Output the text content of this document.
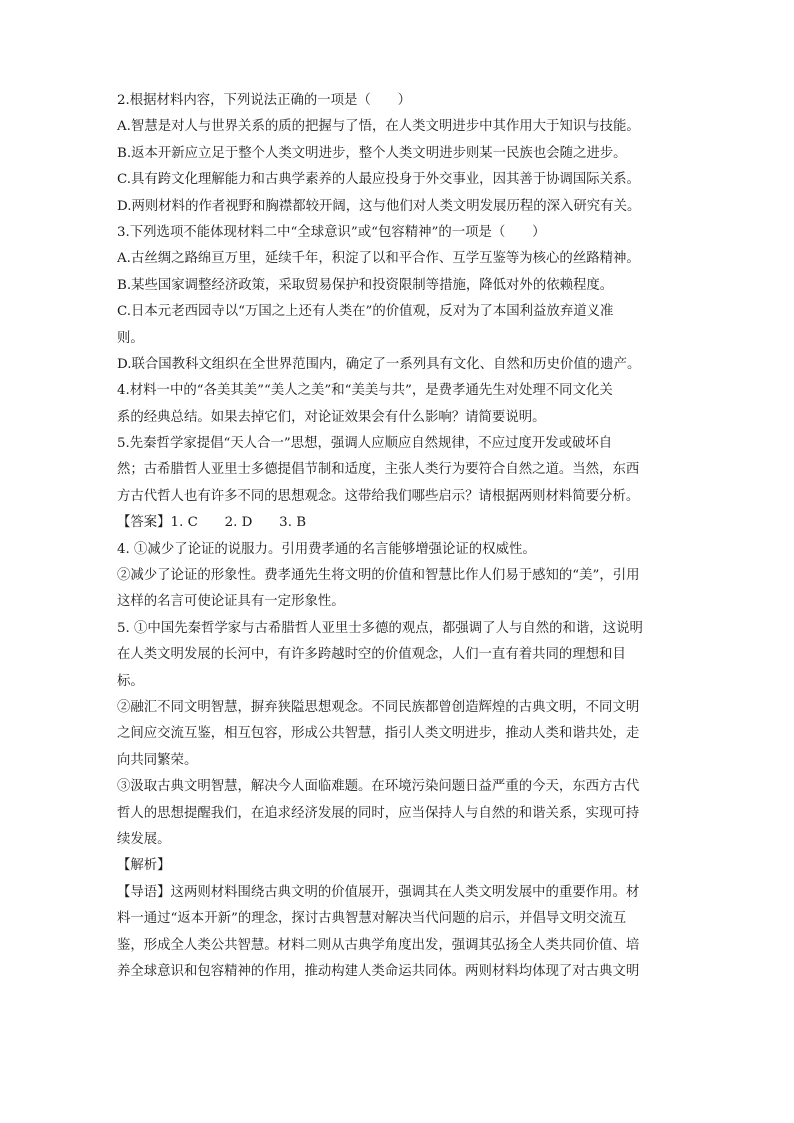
2.根据材料内容，下列说法正确的一项是（　　）
A.智慧是对人与世界关系的质的把握与了悟，在人类文明进步中其作用大于知识与技能。
B.返本开新应立足于整个人类文明进步，整个人类文明进步则某一民族也会随之进步。
C.具有跨文化理解能力和古典学素养的人最应投身于外交事业，因其善于协调国际关系。
D.两则材料的作者视野和胸襟都较开阔，这与他们对人类文明发展历程的深入研究有关。
3.下列选项不能体现材料二中“全球意识”或“包容精神”的一项是（　　）
A.古丝绸之路绵亘万里，延续千年，积淀了以和平合作、互学互鉴等为核心的丝路精神。
B.某些国家调整经济政策，采取贸易保护和投资限制等措施，降低对外的依赖程度。
C.日本元老西园寺以“万国之上还有人类在”的价值观，反对为了本国利益放弃道义准
则。
D.联合国教科文组织在全世界范围内，确定了一系列具有文化、自然和历史价值的遗产。
4.材料一中的“各美其美”“美人之美”和“美美与共”，是费孝通先生对处理不同文化关
系的经典总结。如果去掉它们，对论证效果会有什么影响？请简要说明。
5.先秦哲学家提倡“天人合一”思想，强调人应顺应自然规律，不应过度开发或破坏自
然；古希腊哲人亚里士多德提倡节制和适度，主张人类行为要符合自然之道。当然，东西
方古代哲人也有许多不同的思想观念。这带给我们哪些启示？请根据两则材料简要分析。
【答案】1. C　　2. D　　3. B
4. ①减少了论证的说服力。引用费孝通的名言能够增强论证的权威性。
②减少了论证的形象性。费孝通先生将文明的价值和智慧比作人们易于感知的“美”，引用
这样的名言可使论证具有一定形象性。
5. ①中国先秦哲学家与古希腊哲人亚里士多德的观点，都强调了人与自然的和谐，这说明
在人类文明发展的长河中，有许多跨越时空的价值观念，人们一直有着共同的理想和目
标。
②融汇不同文明智慧，摒弃狭隘思想观念。不同民族都曾创造辉煌的古典文明，不同文明
之间应交流互鉴，相互包容，形成公共智慧，指引人类文明进步，推动人类和谐共处，走
向共同繁荣。
③汲取古典文明智慧，解决今人面临难题。在环境污染问题日益严重的今天，东西方古代
哲人的思想提醒我们，在追求经济发展的同时，应当保持人与自然的和谐关系，实现可持
续发展。
【解析】
【导语】这两则材料围绕古典文明的价值展开，强调其在人类文明发展中的重要作用。材
料一通过“返本开新”的理念，探讨古典智慧对解决当代问题的启示，并倡导文明交流互
鉴，形成全人类公共智慧。材料二则从古典学角度出发，强调其弘扬全人类共同价值、培
养全球意识和包容精神的作用，推动构建人类命运共同体。两则材料均体现了对古典文明
